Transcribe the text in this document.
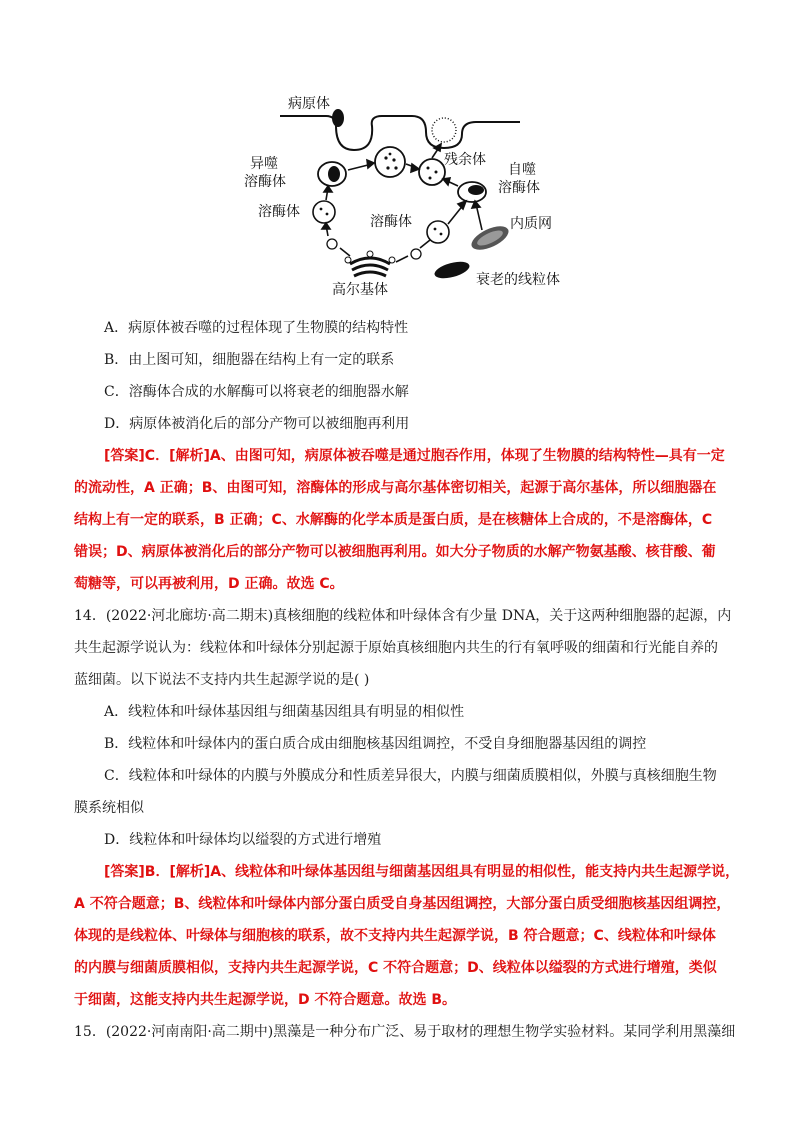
病原体
异噬
溶酶体
溶酶体
残余体
自噬
溶酶体
溶酶体	内质网
高尔基体
衰老的线粒体
A．病原体被吞噬的过程体现了生物膜的结构特性
B．由上图可知，细胞器在结构上有一定的联系
C．溶酶体合成的水解酶可以将衰老的细胞器水解
D．病原体被消化后的部分产物可以被细胞再利用
[答案]C．[解析]A、由图可知，病原体被吞噬是通过胞吞作用，体现了生物膜的结构特性—具有一定
的流动性，A 正确；B、由图可知，溶酶体的形成与高尔基体密切相关，起源于高尔基体，所以细胞器在
结构上有一定的联系，B 正确；C、水解酶的化学本质是蛋白质，是在核糖体上合成的，不是溶酶体，C
错误；D、病原体被消化后的部分产物可以被细胞再利用。如大分子物质的水解产物氨基酸、核苷酸、葡
萄糖等，可以再被利用，D 正确。故选 C。
14．(2022·河北廊坊·高二期末)真核细胞的线粒体和叶绿体含有少量 DNA，关于这两种细胞器的起源，内
共生起源学说认为：线粒体和叶绿体分别起源于原始真核细胞内共生的行有氧呼吸的细菌和行光能自养的
蓝细菌。以下说法不支持内共生起源学说的是( )
A．线粒体和叶绿体基因组与细菌基因组具有明显的相似性
B．线粒体和叶绿体内的蛋白质合成由细胞核基因组调控，不受自身细胞器基因组的调控
C．线粒体和叶绿体的内膜与外膜成分和性质差异很大，内膜与细菌质膜相似，外膜与真核细胞生物
膜系统相似
D．线粒体和叶绿体均以缢裂的方式进行增殖
[答案]B．[解析]A、线粒体和叶绿体基因组与细菌基因组具有明显的相似性，能支持内共生起源学说，
A 不符合题意；B、线粒体和叶绿体内部分蛋白质受自身基因组调控，大部分蛋白质受细胞核基因组调控，
体现的是线粒体、叶绿体与细胞核的联系，故不支持内共生起源学说，B 符合题意；C、线粒体和叶绿体
的内膜与细菌质膜相似，支持内共生起源学说，C 不符合题意；D、线粒体以缢裂的方式进行增殖，类似
于细菌，这能支持内共生起源学说，D 不符合题意。故选 B。
15．(2022·河南南阳·高二期中)黑藻是一种分布广泛、易于取材的理想生物学实验材料。某同学利用黑藻细
